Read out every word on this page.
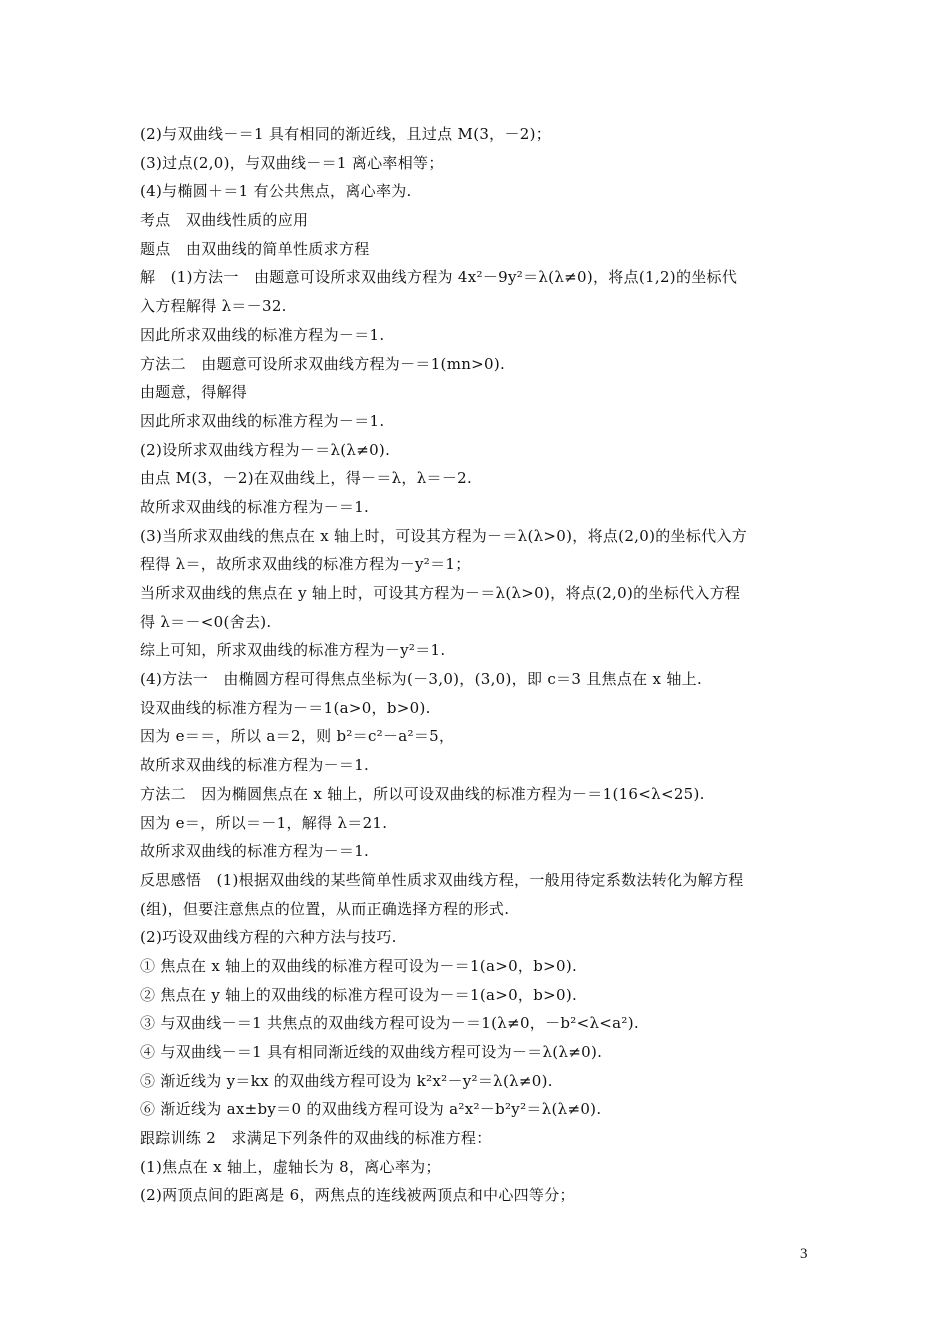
(2)与双曲线－＝1 具有相同的渐近线，且过点 M(3，－2)；
(3)过点(2,0)，与双曲线－＝1 离心率相等；
(4)与椭圆＋＝1 有公共焦点，离心率为.
考点　双曲线性质的应用
题点　由双曲线的简单性质求方程
解　(1)方法一　由题意可设所求双曲线方程为 4x²－9y²＝λ(λ≠0)，将点(1,2)的坐标代
入方程解得 λ＝－32.
因此所求双曲线的标准方程为－＝1.
方法二　由题意可设所求双曲线方程为－＝1(mn>0).
由题意，得解得
因此所求双曲线的标准方程为－＝1.
(2)设所求双曲线方程为－＝λ(λ≠0).
由点 M(3，－2)在双曲线上，得－＝λ，λ＝－2.
故所求双曲线的标准方程为－＝1.
(3)当所求双曲线的焦点在 x 轴上时，可设其方程为－＝λ(λ>0)，将点(2,0)的坐标代入方
程得 λ＝，故所求双曲线的标准方程为－y²＝1；
当所求双曲线的焦点在 y 轴上时，可设其方程为－＝λ(λ>0)，将点(2,0)的坐标代入方程
得 λ＝－<0(舍去).
综上可知，所求双曲线的标准方程为－y²＝1.
(4)方法一　由椭圆方程可得焦点坐标为(－3,0)，(3,0)，即 c＝3 且焦点在 x 轴上.
设双曲线的标准方程为－＝1(a>0，b>0).
因为 e＝＝，所以 a＝2，则 b²＝c²－a²＝5，
故所求双曲线的标准方程为－＝1.
方法二　因为椭圆焦点在 x 轴上，所以可设双曲线的标准方程为－＝1(16<λ<25).
因为 e＝，所以＝－1，解得 λ＝21.
故所求双曲线的标准方程为－＝1.
反思感悟　(1)根据双曲线的某些简单性质求双曲线方程，一般用待定系数法转化为解方程
(组)，但要注意焦点的位置，从而正确选择方程的形式.
(2)巧设双曲线方程的六种方法与技巧.
① 焦点在 x 轴上的双曲线的标准方程可设为－＝1(a>0，b>0).
② 焦点在 y 轴上的双曲线的标准方程可设为－＝1(a>0，b>0).
③ 与双曲线－＝1 共焦点的双曲线方程可设为－＝1(λ≠0，－b²<λ<a²).
④ 与双曲线－＝1 具有相同渐近线的双曲线方程可设为－＝λ(λ≠0).
⑤ 渐近线为 y＝kx 的双曲线方程可设为 k²x²－y²＝λ(λ≠0).
⑥ 渐近线为 ax±by＝0 的双曲线方程可设为 a²x²－b²y²＝λ(λ≠0).
跟踪训练 2　求满足下列条件的双曲线的标准方程：
(1)焦点在 x 轴上，虚轴长为 8，离心率为；
(2)两顶点间的距离是 6，两焦点的连线被两顶点和中心四等分；
3
